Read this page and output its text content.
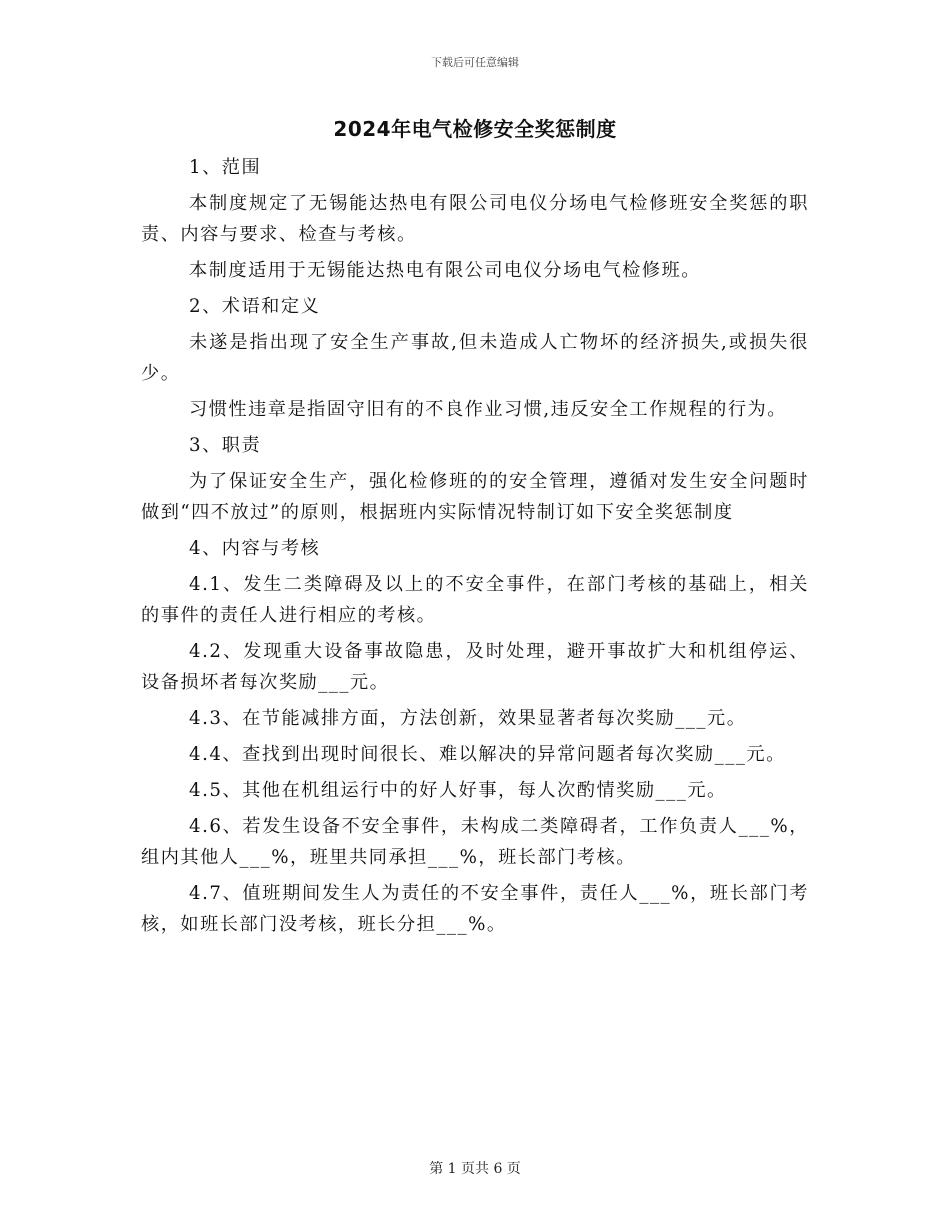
下载后可任意编辑
2024年电气检修安全奖惩制度

1、范围

本制度规定了无锡能达热电有限公司电仪分场电气检修班安全奖惩的职责、内容与要求、检查与考核。

本制度适用于无锡能达热电有限公司电仪分场电气检修班。

2、术语和定义

未遂是指出现了安全生产事故,但未造成人亡物坏的经济损失,或损失很少。

习惯性违章是指固守旧有的不良作业习惯,违反安全工作规程的行为。

3、职责

为了保证安全生产，强化检修班的的安全管理，遵循对发生安全问题时做到“四不放过”的原则，根据班内实际情况特制订如下安全奖惩制度

4、内容与考核

4.1、发生二类障碍及以上的不安全事件，在部门考核的基础上，相关的事件的责任人进行相应的考核。

4.2、发现重大设备事故隐患，及时处理，避开事故扩大和机组停运、设备损坏者每次奖励___元。

4.3、在节能减排方面，方法创新，效果显著者每次奖励___元。

4.4、查找到出现时间很长、难以解决的异常问题者每次奖励___元。

4.5、其他在机组运行中的好人好事，每人次酌情奖励___元。

4.6、若发生设备不安全事件，未构成二类障碍者，工作负责人___%，组内其他人___%，班里共同承担___%，班长部门考核。

4.7、值班期间发生人为责任的不安全事件，责任人___%，班长部门考核，如班长部门没考核，班长分担___%。

第 1 页共 6 页
